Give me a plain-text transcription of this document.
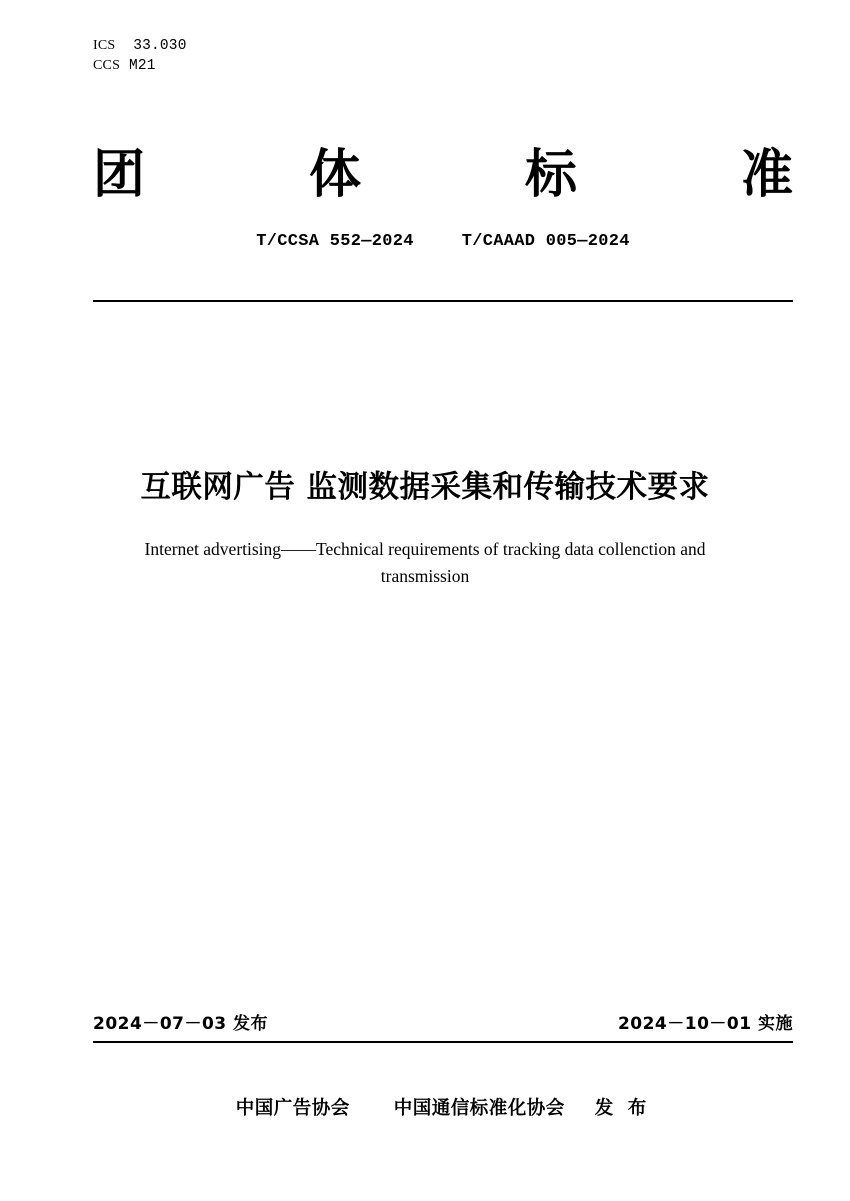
ICS 33.030
CCS M21
团	体	标	准
T/CCSA 552—2024	T/CAAAD 005—2024
互联网广告 监测数据采集和传输技术要求
Internet advertising——Technical requirements of tracking data collenction and transmission
2024－07－03 发布	2024－10－01 实施
中国广告协会 中国通信标准化协会 发 布
